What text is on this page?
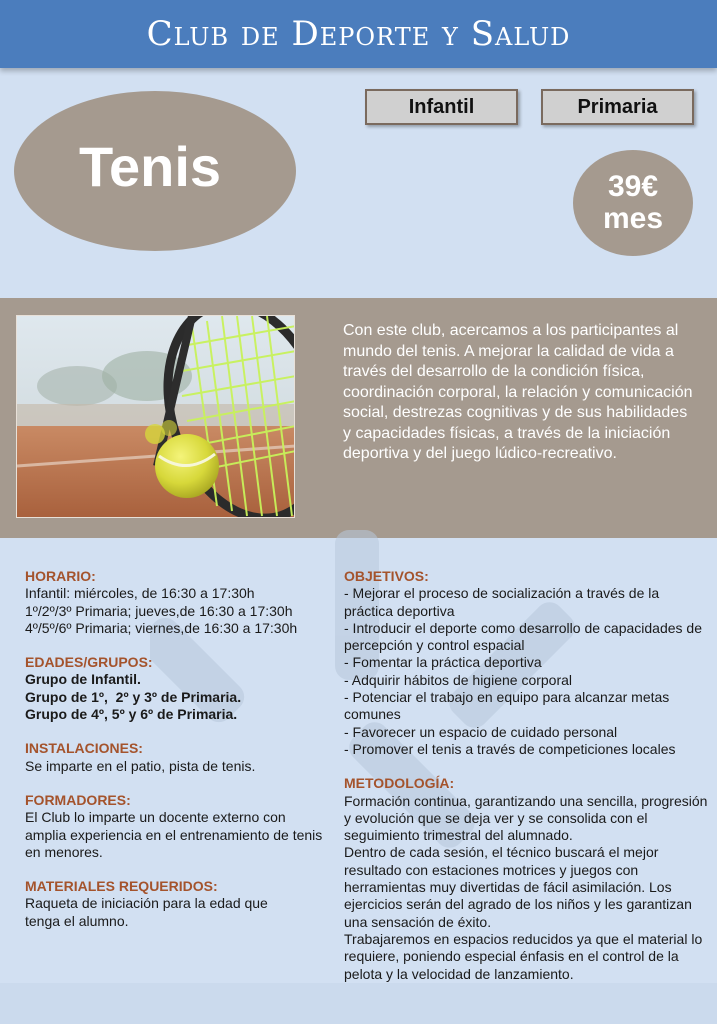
Club de Deporte y Salud
Infantil	Primaria
Tenis	39€
mes
Con este club, acercamos a los participantes al mundo del tenis. A mejorar la calidad de vida a través del desarrollo de la condición física, coordinación corporal, la relación y comunicación social, destrezas cognitivas y de sus habilidades y capacidades físicas, a través de la iniciación deportiva y del juego lúdico-recreativo.
HORARIO:
Infantil: miércoles, de 16:30 a 17:30h
1º/2º/3º Primaria; jueves,de 16:30 a 17:30h
4º/5º/6º Primaria; viernes,de 16:30 a 17:30h
EDADES/GRUPOS:
Grupo de Infantil.
Grupo de 1º,  2º y 3º de Primaria.
Grupo de 4º, 5º y 6º de Primaria.
INSTALACIONES:
Se imparte en el patio, pista de tenis.
FORMADORES:
El Club lo imparte un docente externo con amplia experiencia en el entrenamiento de tenis en menores.
MATERIALES REQUERIDOS:
Raqueta de iniciación para la edad que tenga el alumno.
OBJETIVOS:
- Mejorar el proceso de socialización a través de la práctica deportiva
- Introducir el deporte como desarrollo de capacidades de percepción y control espacial
- Fomentar la práctica deportiva
- Adquirir hábitos de higiene corporal
- Potenciar el trabajo en equipo para alcanzar metas comunes
- Favorecer un espacio de cuidado personal
- Promover el tenis a través de competiciones locales
METODOLOGÍA:
Formación continua, garantizando una sencilla, progresión y evolución que se deja ver y se consolida con el seguimiento trimestral del alumnado.
Dentro de cada sesión, el técnico buscará el mejor resultado con estaciones motrices y juegos con herramientas muy divertidas de fácil asimilación. Los ejercicios serán del agrado de los niños y les garantizan una sensación de éxito.
Trabajaremos en espacios reducidos ya que el material lo requiere, poniendo especial énfasis en el control de la pelota y la velocidad de lanzamiento.
